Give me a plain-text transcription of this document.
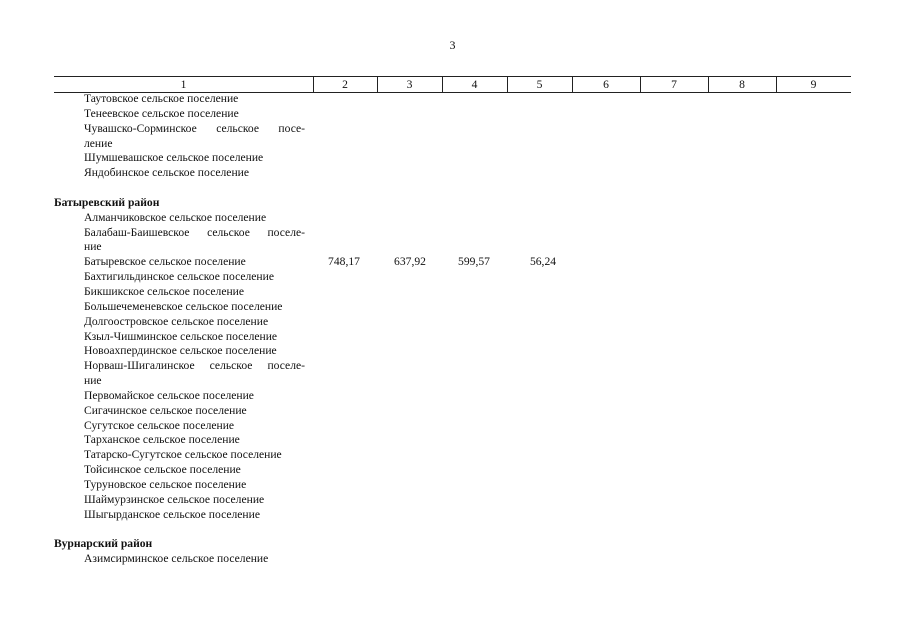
3
1	2	3	4	5	6	7	8	9
Таутовское сельское поселение
Тенеевское сельское поселение
Чувашско-Сорминское сельское посе-
ление
Шумшевашское сельское поселение
Яндобинское сельское поселение
Батыревский район
Алманчиковское сельское поселение
Балабаш-Баишевское сельское поселе-
ние
Батыревское сельское поселение	748,17	637,92	599,57	56,24
Бахтигильдинское сельское поселение
Бикшикское сельское поселение
Большечеменевское сельское поселение
Долгоостровское сельское поселение
Кзыл-Чишминское сельское поселение
Новоахпердинское сельское поселение
Норваш-Шигалинское сельское поселе-
ние
Первомайское сельское поселение
Сигачинское сельское поселение
Сугутское сельское поселение
Тарханское сельское поселение
Татарско-Сугутское сельское поселение
Тойсинское сельское поселение
Туруновское сельское поселение
Шаймурзинское сельское поселение
Шыгырданское сельское поселение
Вурнарский район
Азимсирминское сельское поселение
